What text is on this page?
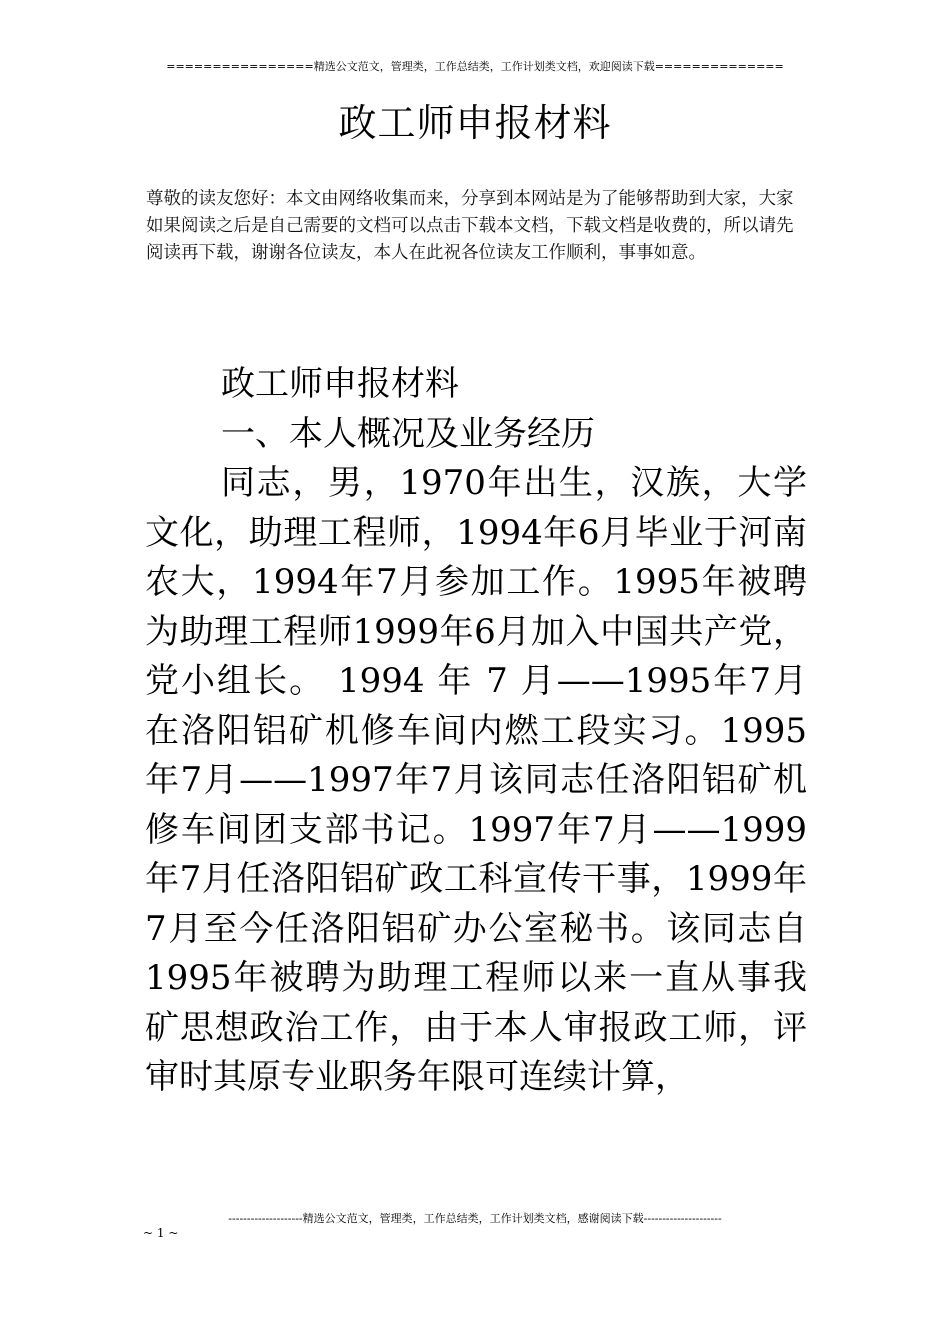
================精选公文范文，管理类，工作总结类，工作计划类文档，欢迎阅读下载==============
政工师申报材料
尊敬的读友您好：本文由网络收集而来，分享到本网站是为了能够帮助到大家，大家如果阅读之后是自己需要的文档可以点击下载本文档，下载文档是收费的，所以请先阅读再下载，谢谢各位读友，本人在此祝各位读友工作顺利，事事如意。

政工师申报材料

一、本人概况及业务经历

同志，男，1970年出生，汉族，大学文化，助理工程师，1994年6月毕业于河南农大，1994年7月参加工作。1995年被聘为助理工程师1999年6月加入中国共产党，党小组长。 1994 年 7 月——1995年7月在洛阳铝矿机修车间内燃工段实习。1995年7月——1997年7月该同志任洛阳铝矿机修车间团支部书记。1997年7月——1999年7月任洛阳铝矿政工科宣传干事，1999年7月至今任洛阳铝矿办公室秘书。该同志自1995年被聘为助理工程师以来一直从事我矿思想政治工作，由于本人审报政工师，评审时其原专业职务年限可连续计算，

--------------------精选公文范文，管理类，工作总结类，工作计划类文档，感谢阅读下载---------------------
~ 1 ~
